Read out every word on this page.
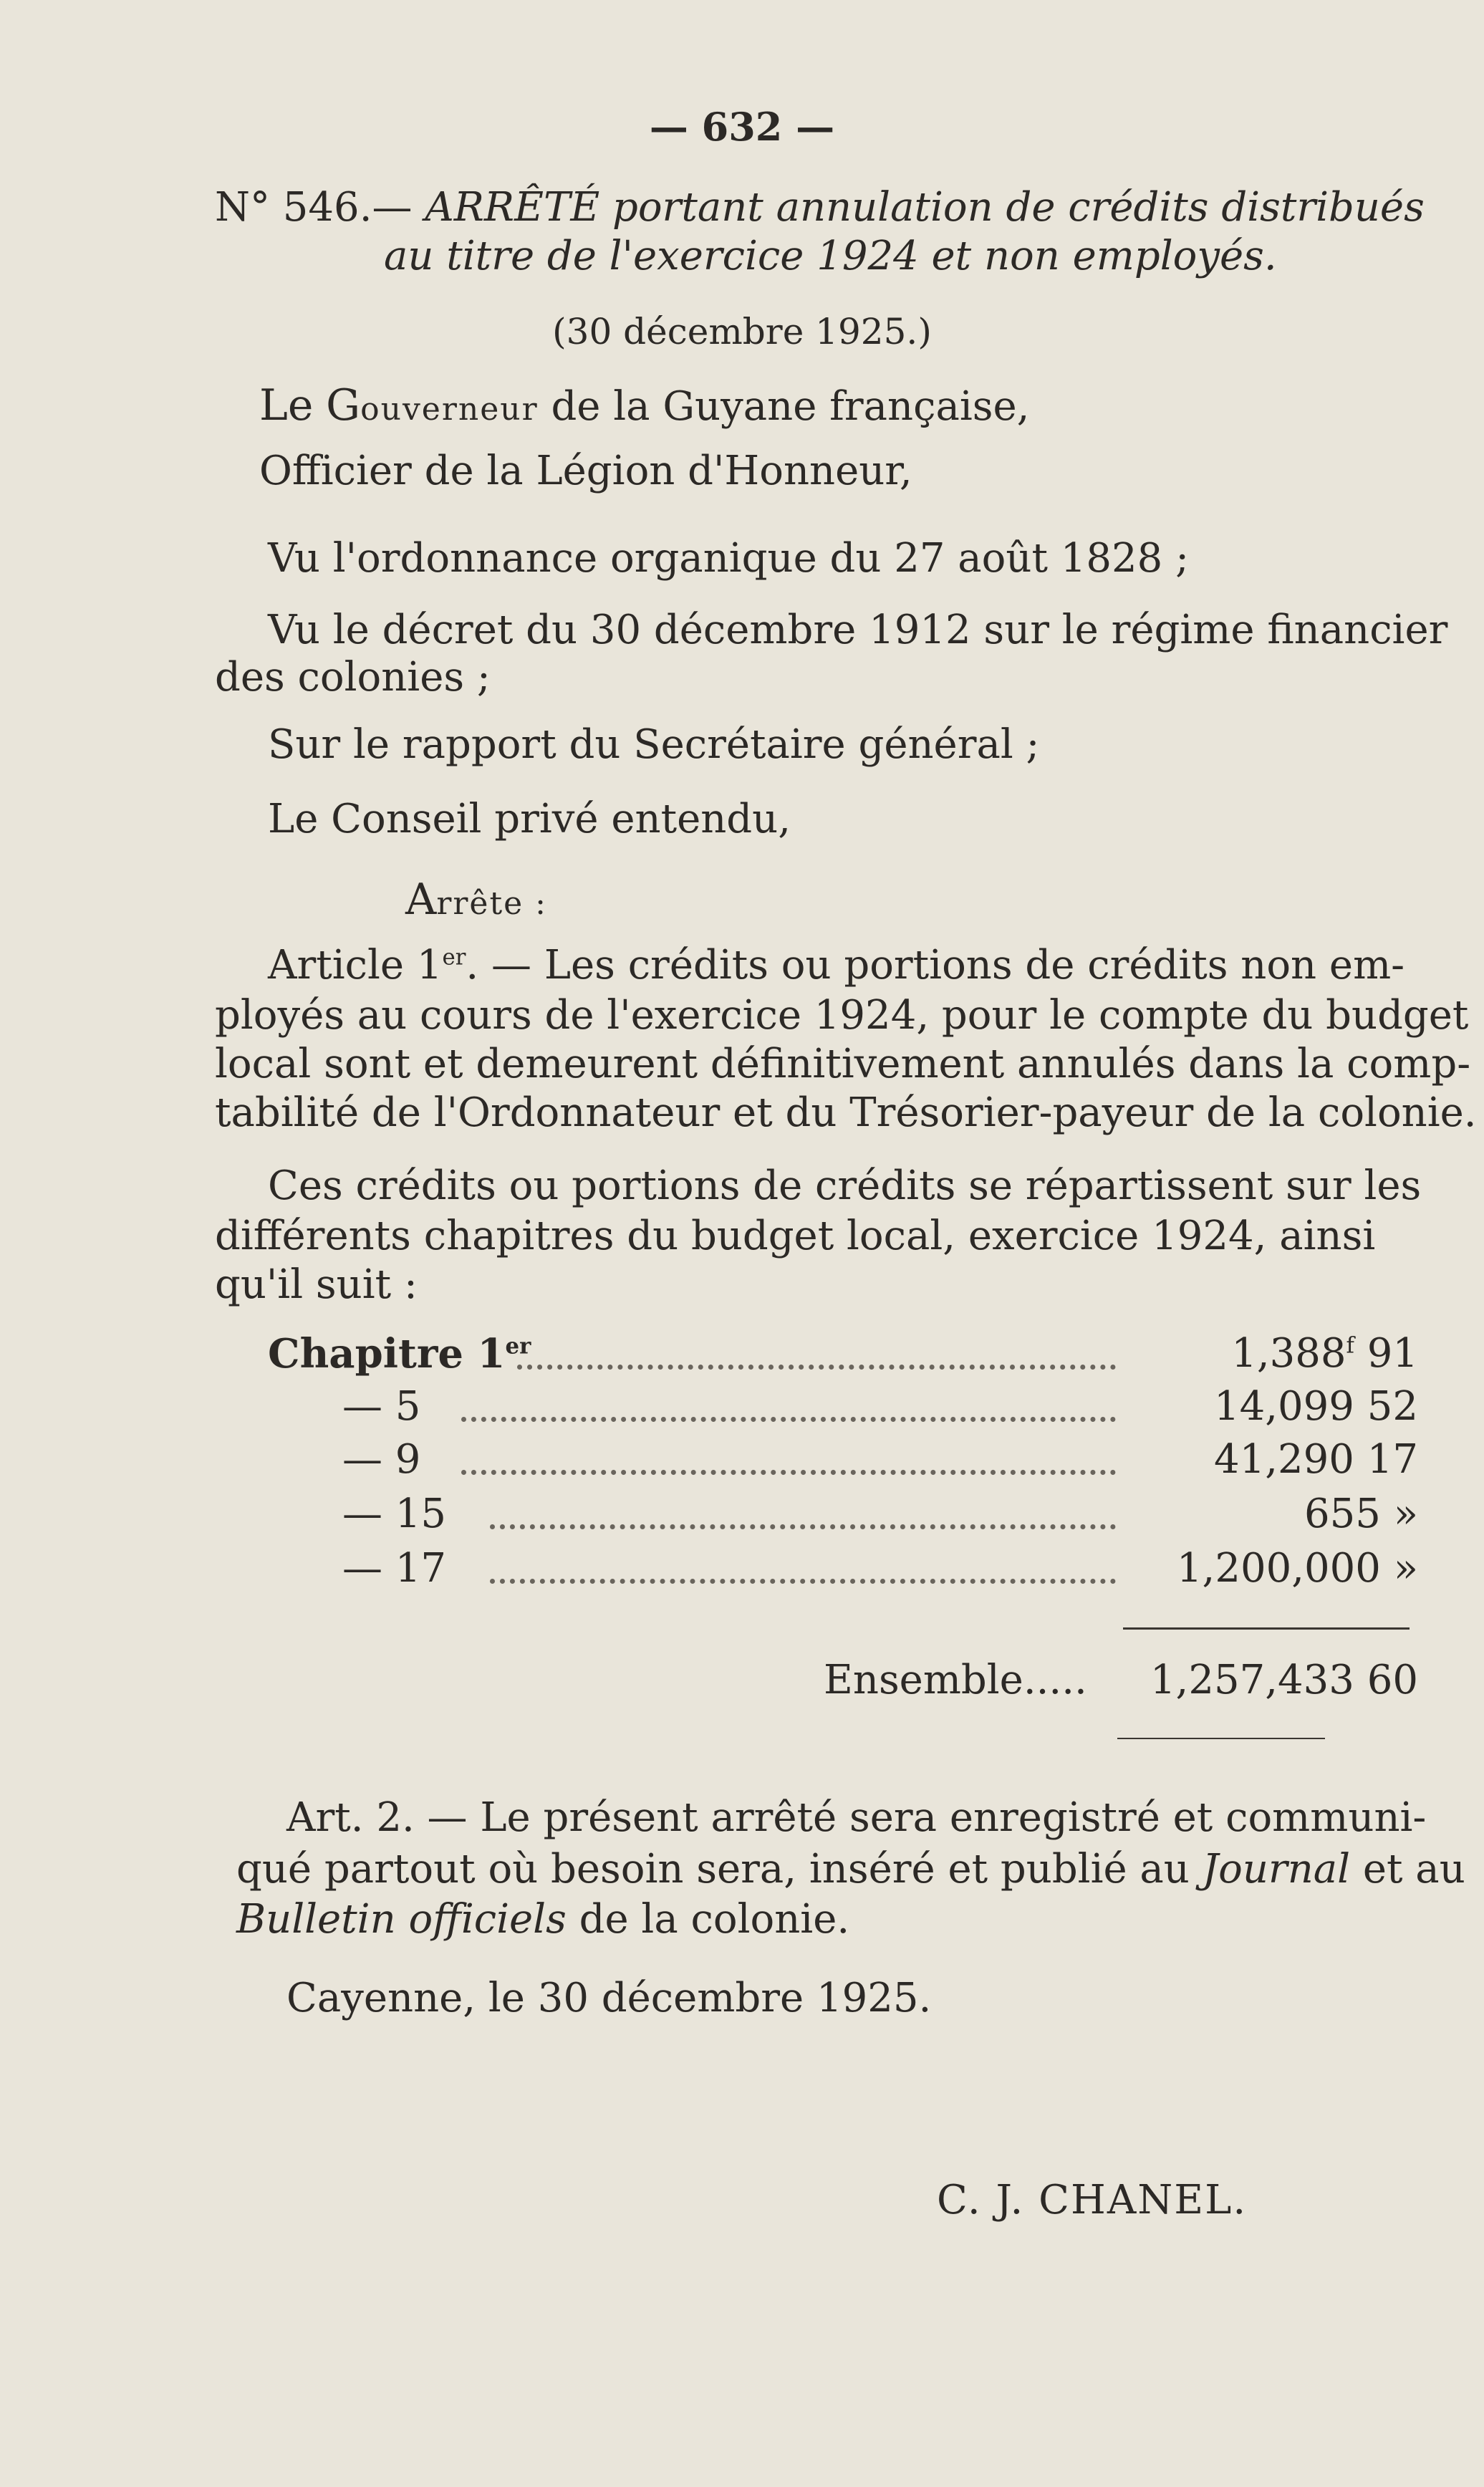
— 632 —
N° 546.— ARRÊTÉ portant annulation de crédits distribués
au titre de l'exercice 1924 et non employés.
(30 décembre 1925.)
Le Gouverneur de la Guyane française,
Officier de la Légion d'Honneur,
Vu l'ordonnance organique du 27 août 1828 ;
Vu le décret du 30 décembre 1912 sur le régime financier
des colonies ;
Sur le rapport du Secrétaire général ;
Le Conseil privé entendu,
Arrête :
Article 1er. — Les crédits ou portions de crédits non em-
ployés au cours de l'exercice 1924, pour le compte du budget
local sont et demeurent définitivement annulés dans la comp-
tabilité de l'Ordonnateur et du Trésorier-payeur de la colonie.
Ces crédits ou portions de crédits se répartissent sur les
différents chapitres du budget local, exercice 1924, ainsi
qu'il suit :
Chapitre 1er	1,388$^f$ 91
— 5	14,099 52
— 9	41,290 17
— 15	655 »
— 17	1,200,000 »
Ensemble..... 1,257,433 60
Art. 2. — Le présent arrêté sera enregistré et communi-
qué partout où besoin sera, inséré et publié au Journal et au
Bulletin officiels de la colonie.
Cayenne, le 30 décembre 1925.
C. J. CHANEL.
